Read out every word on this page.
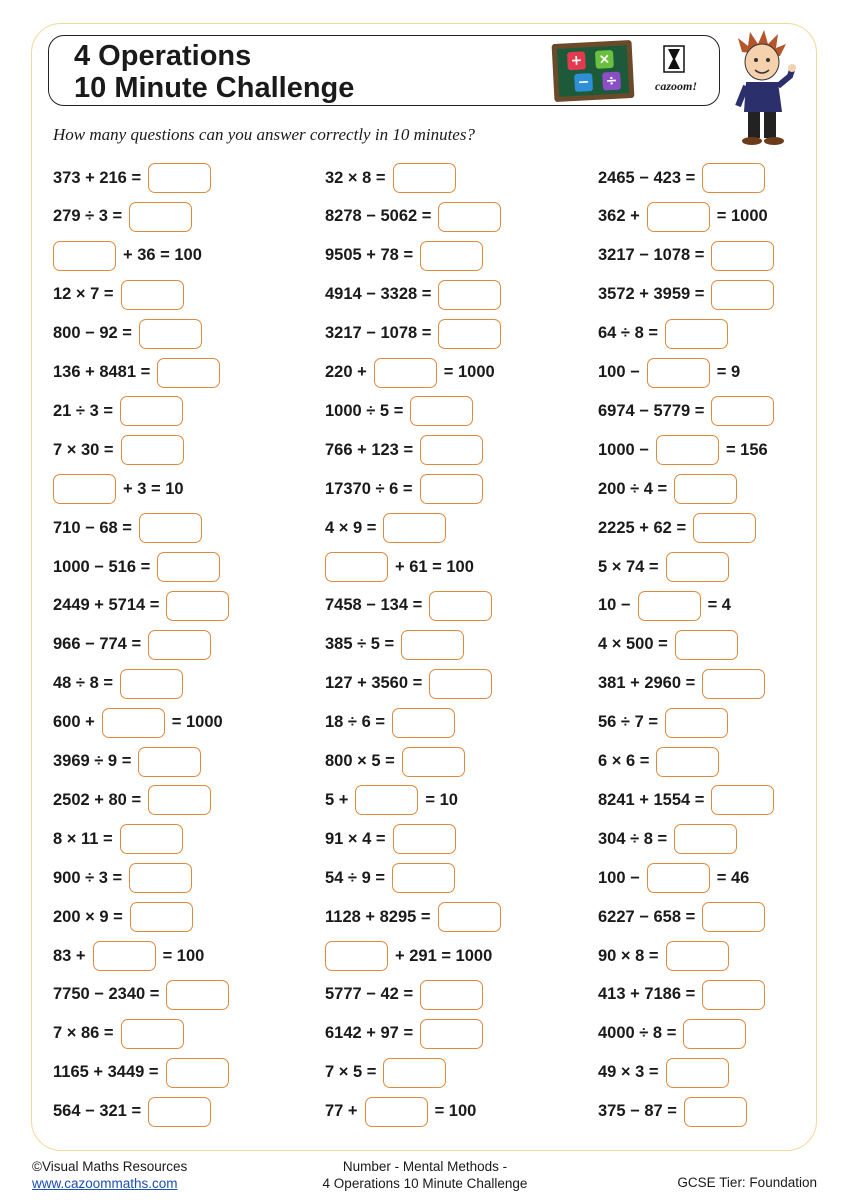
4 Operations
10 Minute Challenge
+ ×
− ÷	cazoom!
How many questions can you answer correctly in 10 minutes?
373 + 216 =
279 ÷ 3 =
+ 36 = 100
12 × 7 =
800 − 92 =
136 + 8481 =
21 ÷ 3 =
7 × 30 =
+ 3 = 10
710 − 68 =
1000 − 516 =
2449 + 5714 =
966 − 774 =
48 ÷ 8 =
600 +	= 1000
3969 ÷ 9 =
2502 + 80 =
8 × 11 =
900 ÷ 3 =
200 × 9 =
83 +	= 100
7750 − 2340 =
7 × 86 =
1165 + 3449 =
564 − 321 =
32 × 8 =
8278 − 5062 =
9505 + 78 =
4914 − 3328 =
3217 − 1078 =
220 +	= 1000
1000 ÷ 5 =
766 + 123 =
17370 ÷ 6 =
4 × 9 =
+ 61 = 100
7458 − 134 =
385 ÷ 5 =
127 + 3560 =
18 ÷ 6 =
800 × 5 =
5 +	= 10
91 × 4 =
54 ÷ 9 =
1128 + 8295 =
+ 291 = 1000
5777 − 42 =
6142 + 97 =
7 × 5 =
77 +	= 100
2465 − 423 =
362 +	= 1000
3217 − 1078 =
3572 + 3959 =
64 ÷ 8 =
100 −	= 9
6974 − 5779 =
1000 −	= 156
200 ÷ 4 =
2225 + 62 =
5 × 74 =
10 −	= 4
4 × 500 =
381 + 2960 =
56 ÷ 7 =
6 × 6 =
8241 + 1554 =
304 ÷ 8 =
100 −	= 46
6227 − 658 =
90 × 8 =
413 + 7186 =
4000 ÷ 8 =
49 × 3 =
375 − 87 =
©Visual Maths Resources
www.cazoommaths.com
Number - Mental Methods -
4 Operations 10 Minute Challenge	GCSE Tier: Foundation
